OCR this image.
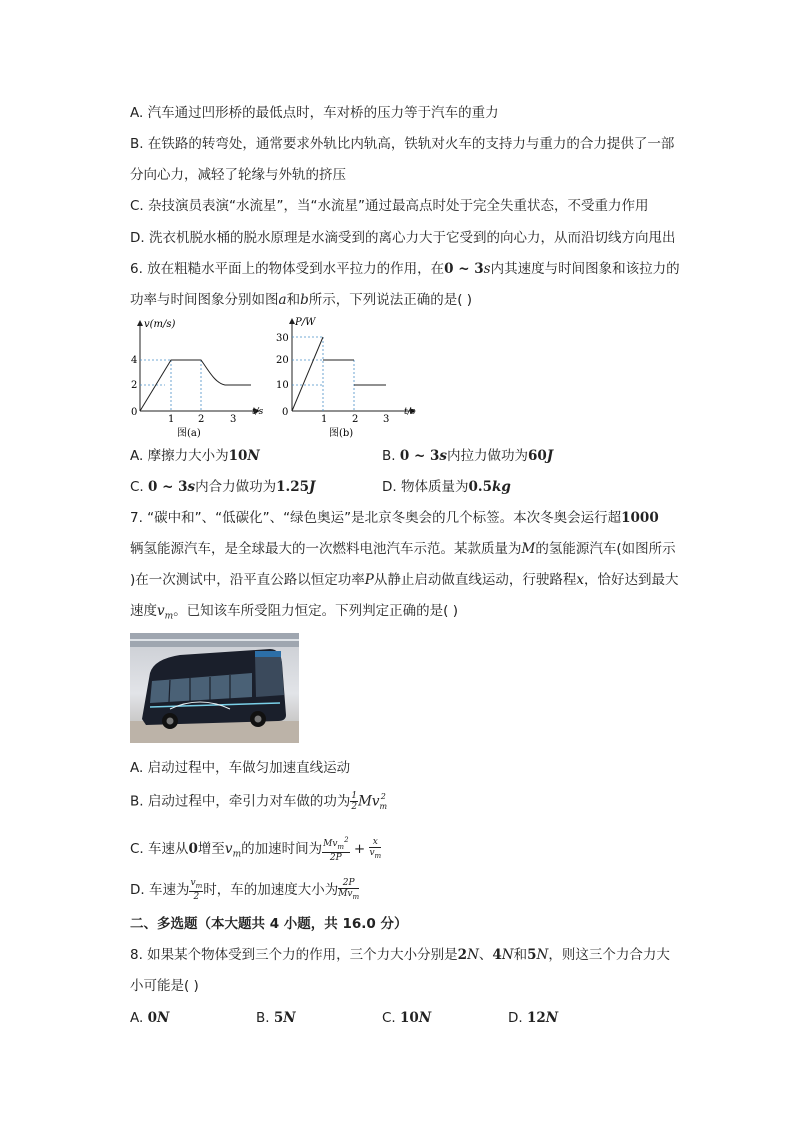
A. 汽车通过凹形桥的最低点时，车对桥的压力等于汽车的重力
B. 在铁路的转弯处，通常要求外轨比内轨高，铁轨对火车的支持力与重力的合力提供了一部
分向心力，减轻了轮缘与外轨的挤压
C. 杂技演员表演“水流星”，当“水流星”通过最高点时处于完全失重状态，不受重力作用
D. 洗衣机脱水桶的脱水原理是水滴受到的离心力大于它受到的向心力，从而沿切线方向甩出
6. 放在粗糙水平面上的物体受到水平拉力的作用，在0 ~ 3s内其速度与时间图象和该拉力的
功率与时间图象分别如图a和b所示，下列说法正确的是( )
v(m/s)
t/s
0
4
2
1 2	3
图(a)
P/W
t/s
0
30
20
10
1 2 3
图(b)
A. 摩擦力大小为10N	B. 0 ~ 3s内拉力做功为60J
C. 0 ~ 3s内合力做功为1.25J	D. 物体质量为0.5kg
7. “碳中和”、“低碳化”、“绿色奥运”是北京冬奥会的几个标签。本次冬奥会运行超1000
辆氢能源汽车，是全球最大的一次燃料电池汽车示范。某款质量为M的氢能源汽车(如图所示
)在一次测试中，沿平直公路以恒定功率P从静止启动做直线运动，行驶路程x，恰好达到最大
速度$v_m$。已知该车所受阻力恒定。下列判定正确的是( )
A. 启动过程中，车做匀加速直线运动
B. 启动过程中，牵引力对车做的功为 $\frac{1}{2}$ Mv 2
m
C. 车速从0增至$v_m$的加速时间为 $\frac{Mv_m^2}{2P} + \frac{x}{v_m}$
D. 车速为 $\frac{v_m}{2}$ 时，车的加速度大小为 $\frac{2P}{Mv_m}$
二、多选题（本大题共 4 小题，共 16.0 分）
8. 如果某个物体受到三个力的作用，三个力大小分别是2N、4N和5N，则这三个力合力大
小可能是( )
A. 0N	B. 5N	C. 10N	D. 12N
